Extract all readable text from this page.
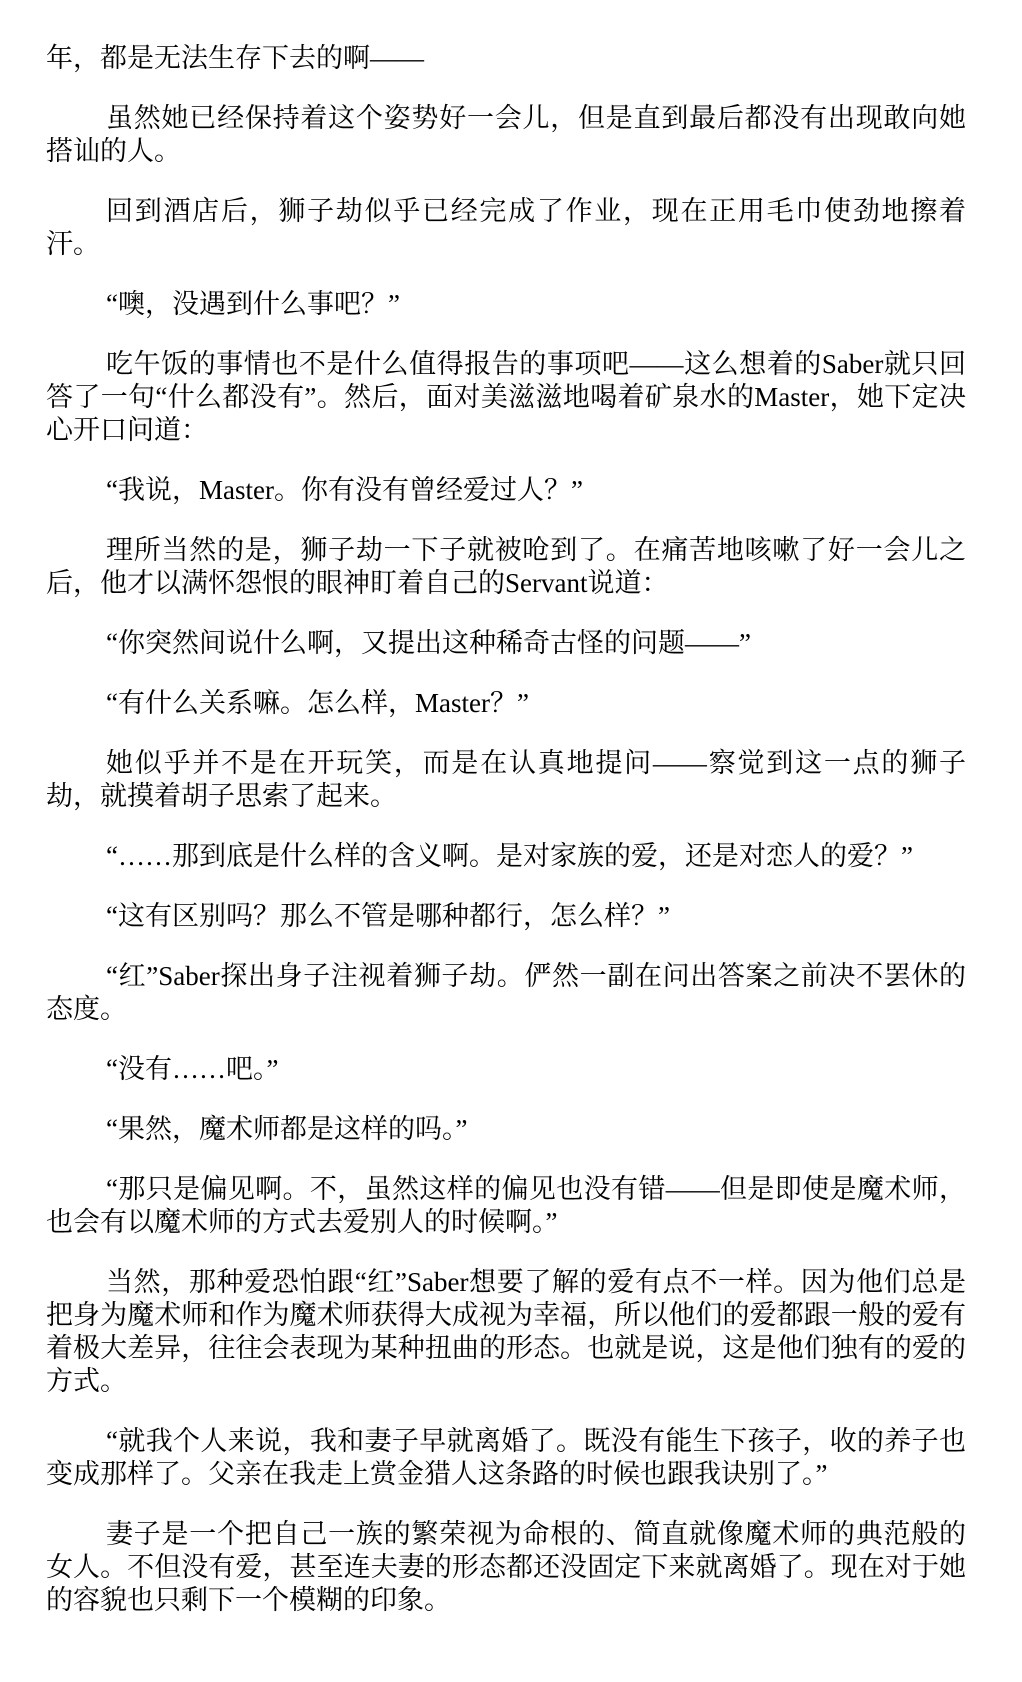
年，都是无法生存下去的啊——

虽然她已经保持着这个姿势好一会儿，但是直到最后都没有出现敢向她搭讪的人。

回到酒店后，狮子劫似乎已经完成了作业，现在正用毛巾使劲地擦着汗。

“噢，没遇到什么事吧？”

吃午饭的事情也不是什么值得报告的事项吧——这么想着的Saber就只回答了一句“什么都没有”。然后，面对美滋滋地喝着矿泉水的Master，她下定决心开口问道：

“我说，Master。你有没有曾经爱过人？”

理所当然的是，狮子劫一下子就被呛到了。在痛苦地咳嗽了好一会儿之后，他才以满怀怨恨的眼神盯着自己的Servant说道：

“你突然间说什么啊，又提出这种稀奇古怪的问题——”

“有什么关系嘛。怎么样，Master？”

她似乎并不是在开玩笑，而是在认真地提问——察觉到这一点的狮子劫，就摸着胡子思索了起来。

“……那到底是什么样的含义啊。是对家族的爱，还是对恋人的爱？”

“这有区别吗？那么不管是哪种都行，怎么样？”

“红”Saber探出身子注视着狮子劫。俨然一副在问出答案之前决不罢休的态度。

“没有……吧。”

“果然，魔术师都是这样的吗。”

“那只是偏见啊。不，虽然这样的偏见也没有错——但是即使是魔术师，也会有以魔术师的方式去爱别人的时候啊。”

当然，那种爱恐怕跟“红”Saber想要了解的爱有点不一样。因为他们总是把身为魔术师和作为魔术师获得大成视为幸福，所以他们的爱都跟一般的爱有着极大差异，往往会表现为某种扭曲的形态。也就是说，这是他们独有的爱的方式。

“就我个人来说，我和妻子早就离婚了。既没有能生下孩子，收的养子也变成那样了。父亲在我走上赏金猎人这条路的时候也跟我诀别了。”

妻子是一个把自己一族的繁荣视为命根的、简直就像魔术师的典范般的女人。不但没有爱，甚至连夫妻的形态都还没固定下来就离婚了。现在对于她的容貌也只剩下一个模糊的印象。
